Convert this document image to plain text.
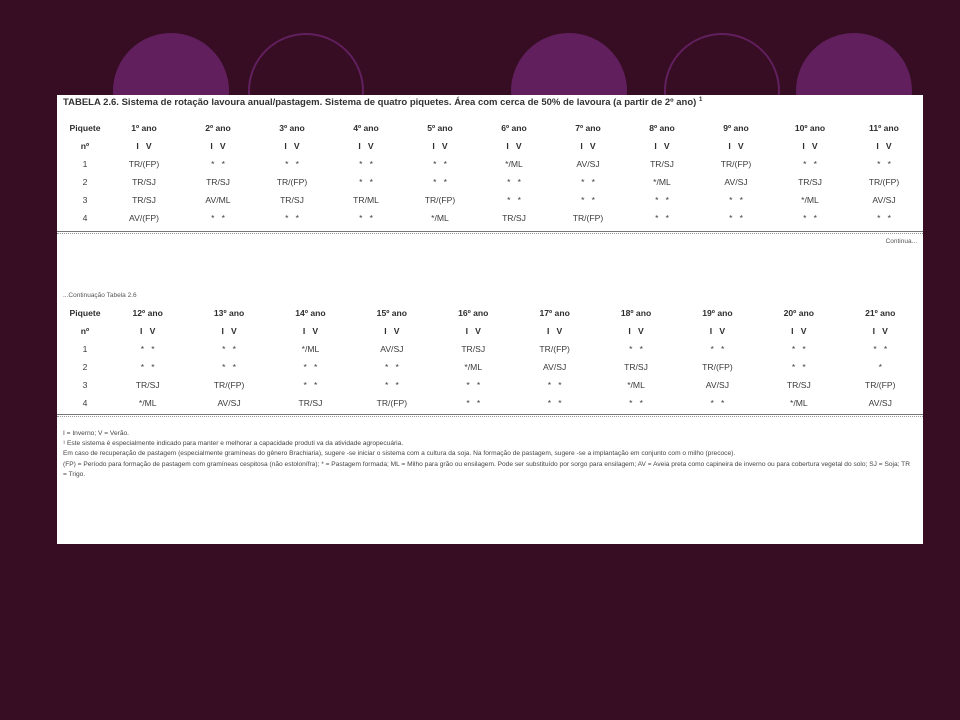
TABELA 2.6. Sistema de rotação lavoura anual/pastagem. Sistema de quatro piquetes. Área com cerca de 50% de lavoura (a partir de 2º ano) $^1$
Piquete	1º ano	2º ano	3º ano	4º ano	5º ano	6º ano	7º ano	8º ano	9º ano	10º ano	11º ano
nº	I   V	I   V	I   V	I   V	I   V	I   V	I   V	I   V	I   V	I   V	I   V
1	TR/(FP)	*   *	*   *	*   *	*   *	*/ML	AV/SJ	TR/SJ	TR/(FP)	*   *	*   *
2	TR/SJ	TR/SJ	TR/(FP)	*   *	*   *	*   *	*   *	*/ML	AV/SJ	TR/SJ	TR/(FP)
3	TR/SJ	AV/ML	TR/SJ	TR/ML	TR/(FP)	*   *	*   *	*   *	*   *	*/ML	AV/SJ
4	AV/(FP)	*   *	*   *	*   *	*/ML	TR/SJ	TR/(FP)	*   *	*   *	*   *	*   *
Continua...
...Continuação Tabela 2.6
Piquete	12º ano	13º ano	14º ano	15º ano	16º ano	17º ano	18º ano	19º ano	20º ano	21º ano
nº	I   V	I   V	I   V	I   V	I   V	I   V	I   V	I   V	I   V	I   V
1	*   *	*   *	*/ML	AV/SJ	TR/SJ	TR/(FP)	*   *	*   *	*   *	*   *
2	*   *	*   *	*   *	*   *	*/ML	AV/SJ	TR/SJ	TR/(FP)	*   *	*
3	TR/SJ	TR/(FP)	*   *	*   *	*   *	*   *	*/ML	AV/SJ	TR/SJ	TR/(FP)
4	*/ML	AV/SJ	TR/SJ	TR/(FP)	*   *	*   *	*   *	*   *	*/ML	AV/SJ

I = Inverno; V = Verão.

¹ Este sistema é especialmente indicado para manter e melhorar a capacidade produti va da atividade agropecuária.

Em caso de recuperação de pastagem (especialmente gramíneas do gênero Brachiaria), sugere -se iniciar o sistema com a cultura da soja. Na formação de pastagem, sugere -se a implantação em conjunto com o milho (precoce).

(FP) = Período para formação de pastagem com gramíneas cespitosa (não estolonífra); * = Pastagem formada; ML = Milho para grão ou ensilagem. Pode ser substituído por sorgo para ensilagem; AV = Aveia preta como capineira de inverno ou para cobertura vegetal do solo; SJ = Soja; TR = Trigo.
